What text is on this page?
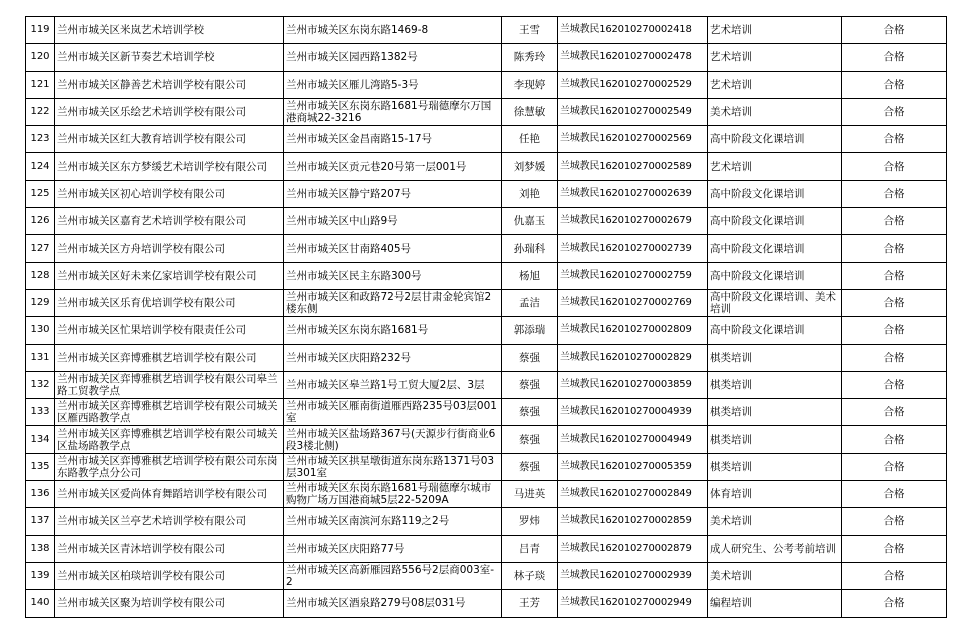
119	兰州市城关区米岚艺术培训学校	兰州市城关区东岗东路1469-8	王雪	兰城教民162010270002418	艺术培训	合格
120	兰州市城关区新节奏艺术培训学校	兰州市城关区园西路1382号	陈秀玲	兰城教民162010270002478	艺术培训	合格
121	兰州市城关区静善艺术培训学校有限公司	兰州市城关区雁儿湾路5-3号	李现婷	兰城教民162010270002529	艺术培训	合格
122	兰州市城关区乐绘艺术培训学校有限公司	兰州市城关区东岗东路1681号瑞德摩尔万国港商城22-3216	徐慧敏	兰城教民162010270002549	美术培训	合格
123	兰州市城关区红大教育培训学校有限公司	兰州市城关区金昌南路15-17号	任艳	兰城教民162010270002569	高中阶段文化课培训	合格
124	兰州市城关区东方梦缓艺术培训学校有限公司	兰州市城关区贡元巷20号第一层001号	刘梦媛	兰城教民162010270002589	艺术培训	合格
125	兰州市城关区初心培训学校有限公司	兰州市城关区静宁路207号	刘艳	兰城教民162010270002639	高中阶段文化课培训	合格
126	兰州市城关区嘉育艺术培训学校有限公司	兰州市城关区中山路9号	仇嘉玉	兰城教民162010270002679	高中阶段文化课培训	合格
127	兰州市城关区方舟培训学校有限公司	兰州市城关区甘南路405号	孙瑞科	兰城教民162010270002739	高中阶段文化课培训	合格
128	兰州市城关区好未来亿家培训学校有限公司	兰州市城关区民主东路300号	杨旭	兰城教民162010270002759	高中阶段文化课培训	合格
129	兰州市城关区乐育优培训学校有限公司	兰州市城关区和政路72号2层甘肃金轮宾馆2楼东侧	孟洁	兰城教民162010270002769	高中阶段文化课培训、美术培训	合格
130	兰州市城关区忙果培训学校有限责任公司	兰州市城关区东岗东路1681号	郭添瑞	兰城教民162010270002809	高中阶段文化课培训	合格
131	兰州市城关区弈博雅棋艺培训学校有限公司	兰州市城关区庆阳路232号	蔡强	兰城教民162010270002829	棋类培训	合格
132	兰州市城关区弈博雅棋艺培训学校有限公司皋兰路工贸教学点	兰州市城关区皋兰路1号工贸大厦2层、3层	蔡强	兰城教民162010270003859	棋类培训	合格
133	兰州市城关区弈博雅棋艺培训学校有限公司城关区雁西路教学点	兰州市城关区雁南街道雁西路235号03层001室	蔡强	兰城教民162010270004939	棋类培训	合格
134	兰州市城关区弈博雅棋艺培训学校有限公司城关区盐场路教学点	兰州市城关区盐场路367号(天源步行街商业6段3楼北侧)	蔡强	兰城教民162010270004949	棋类培训	合格
135	兰州市城关区弈博雅棋艺培训学校有限公司东岗东路教学点分公司	兰州市城关区拱星墩街道东岗东路1371号03层301室	蔡强	兰城教民162010270005359	棋类培训	合格
136	兰州市城关区爱尚体育舞蹈培训学校有限公司	兰州市城关区东岗东路1681号瑞德摩尔城市购物广场万国港商城5层22-5209A	马进英	兰城教民162010270002849	体育培训	合格
137	兰州市城关区兰亭艺术培训学校有限公司	兰州市城关区南滨河东路119之2号	罗炜	兰城教民162010270002859	美术培训	合格
138	兰州市城关区青沐培训学校有限公司	兰州市城关区庆阳路77号	吕青	兰城教民162010270002879	成人研究生、公考考前培训	合格
139	兰州市城关区柏琰培训学校有限公司	兰州市城关区高新雁园路556号2层商003室-2	林子琰	兰城教民162010270002939	美术培训	合格
140	兰州市城关区聚为培训学校有限公司	兰州市城关区酒泉路279号08层031号	王芳	兰城教民162010270002949	编程培训	合格
